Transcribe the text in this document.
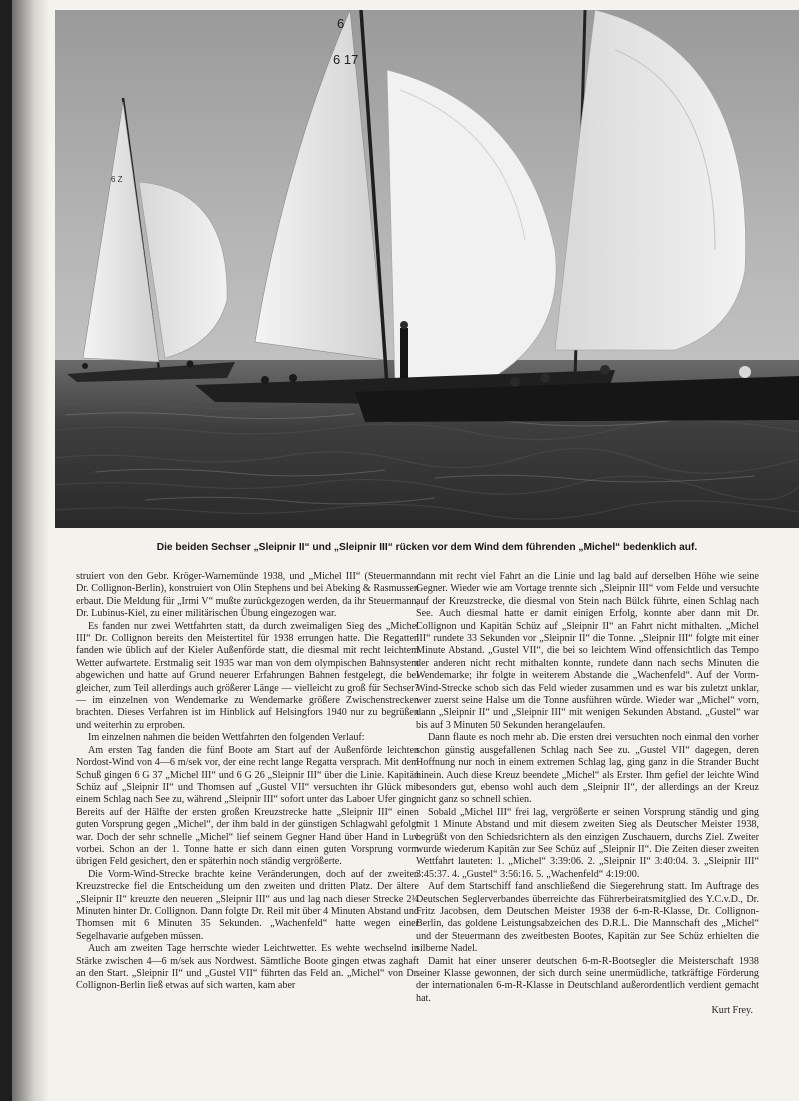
6 Z
6
6 17
Die beiden Sechser „Sleipnir II“ und „Sleipnir III“ rücken vor dem Wind dem führenden „Michel“ bedenklich auf.

struiert von den Gebr. Kröger-Warnemünde 1938, und „Michel III“ (Steuermann: Dr. Collignon-Berlin), konstruiert von Olin Stephens und bei Abeking & Rasmussen erbaut. Die Meldung für „Irmi V“ mußte zurückgezogen werden, da ihr Steuermann, Dr. Lubinus-Kiel, zu einer militärischen Übung eingezogen war.

Es fanden nur zwei Wettfahrten statt, da durch zweimaligen Sieg des „Michel III“ Dr. Collignon bereits den Meistertitel für 1938 errungen hatte. Die Regatten fanden wie üblich auf der Kieler Außenförde statt, die diesmal mit recht leichtem Wetter aufwartete. Erstmalig seit 1935 war man von dem olympischen Bahnsystem abgewichen und hatte auf Grund neuerer Erfahrungen Bahnen festgelegt, die bei gleicher, zum Teil allerdings auch größerer Länge — vielleicht zu groß für Sechser? — im einzelnen von Wendemarke zu Wendemarke größere Zwischenstrecken brachten. Dieses Verfahren ist im Hinblick auf Helsingfors 1940 nur zu begrüßen und weiterhin zu erproben.

Im einzelnen nahmen die beiden Wettfahrten den folgenden Verlauf:

Am ersten Tag fanden die fünf Boote am Start auf der Außenförde leichten Nordost-Wind von 4—6 m/sek vor, der eine recht lange Regatta versprach. Mit dem Schuß gingen 6 G 37 „Michel III“ und 6 G 26 „Sleipnir III“ über die Linie. Kapitän Schüz auf „Sleipnir II“ und Thomsen auf „Gustel VII“ versuchten ihr Glück mit einem Schlag nach See zu, während „Sleipnir III“ sofort unter das Laboer Ufer ging. Bereits auf der Hälfte der ersten großen Kreuzstrecke hatte „Sleipnir III“ einen guten Vorsprung gegen „Michel“, der ihm bald in der günstigen Schlagwahl gefolgt war. Doch der sehr schnelle „Michel“ lief seinem Gegner Hand über Hand in Luv vorbei. Schon an der 1. Tonne hatte er sich dann einen guten Vorsprung vorm übrigen Feld gesichert, den er späterhin noch ständig vergrößerte.

Die Vorm-Wind-Strecke brachte keine Veränderungen, doch auf der zweiten Kreuzstrecke fiel die Entscheidung um den zweiten und dritten Platz. Der ältere „Sleipnir II“ kreuzte den neueren „Sleipnir III“ aus und lag nach dieser Strecke 2¾ Minuten hinter Dr. Collignon. Dann folgte Dr. Reil mit über 4 Minuten Abstand und Thomsen mit 6 Minuten 35 Sekunden. „Wachenfeld“ hatte wegen einer Segelhavarie aufgeben müssen.

Auch am zweiten Tage herrschte wieder Leichtwetter. Es wehte wechselnd in Stärke zwischen 4—6 m/sek aus Nordwest. Sämtliche Boote gingen etwas zaghaft an den Start. „Sleipnir II“ und „Gustel VII“ führten das Feld an. „Michel“ von Dr. Collignon-Berlin ließ etwas auf sich warten, kam aber

dann mit recht viel Fahrt an die Linie und lag bald auf derselben Höhe wie seine Gegner. Wieder wie am Vortage trennte sich „Sleipnir III“ vom Felde und versuchte auf der Kreuzstrecke, die diesmal von Stein nach Bülck führte, einen Schlag nach See. Auch diesmal hatte er damit einigen Erfolg, konnte aber dann mit Dr. Collignon und Kapitän Schüz auf „Sleipnir II“ an Fahrt nicht mithalten. „Michel III“ rundete 33 Sekunden vor „Sleipnir II“ die Tonne. „Sleipnir III“ folgte mit einer Minute Abstand. „Gustel VII“, die bei so leichtem Wind offensichtlich das Tempo der anderen nicht recht mithalten konnte, rundete dann nach sechs Minuten die Wendemarke; ihr folgte in weiterem Abstande die „Wachenfeld“. Auf der Vorm-Wind-Strecke schob sich das Feld wieder zusammen und es war bis zuletzt unklar, wer zuerst seine Halse um die Tonne ausführen würde. Wieder war „Michel“ vorn, dann „Sleipnir II“ und „Sleipnir III“ mit wenigen Sekunden Abstand. „Gustel“ war bis auf 3 Minuten 50 Sekunden herangelaufen.

Dann flaute es noch mehr ab. Die ersten drei versuchten noch einmal den vorher schon günstig ausgefallenen Schlag nach See zu. „Gustel VII“ dagegen, deren Hoffnung nur noch in einem extremen Schlag lag, ging ganz in die Strander Bucht hinein. Auch diese Kreuz beendete „Michel“ als Erster. Ihm gefiel der leichte Wind besonders gut, ebenso wohl auch dem „Sleipnir II“, der allerdings an der Kreuz nicht ganz so schnell schien.

Sobald „Michel III“ frei lag, vergrößerte er seinen Vorsprung ständig und ging mit 1 Minute Abstand und mit diesem zweiten Sieg als Deutscher Meister 1938, begrüßt von den Schiedsrichtern als den einzigen Zuschauern, durchs Ziel. Zweiter wurde wiederum Kapitän zur See Schüz auf „Sleipnir II“. Die Zeiten dieser zweiten Wettfahrt lauteten: 1. „Michel“ 3:39:06. 2. „Sleipnir II“ 3:40:04. 3. „Sleipnir III“ 3:45:37. 4. „Gustel“ 3:56:16. 5. „Wachenfeld“ 4:19:00.

Auf dem Startschiff fand anschließend die Siegerehrung statt. Im Auftrage des Deutschen Seglerverbandes überreichte das Führerbeiratsmitglied des Y.C.v.D., Dr. Fritz Jacobsen, dem Deutschen Meister 1938 der 6-m-R-Klasse, Dr. Collignon-Berlin, das goldene Leistungsabzeichen des D.R.L. Die Mannschaft des „Michel“ und der Steuermann des zweitbesten Bootes, Kapitän zur See Schüz erhielten die silberne Nadel.

Damit hat einer unserer deutschen 6-m-R-Bootsegler die Meisterschaft 1938 seiner Klasse gewonnen, der sich durch seine unermüdliche, tatkräftige Förderung der internationalen 6-m-R-Klasse in Deutschland außerordentlich verdient gemacht hat.

Kurt Frey.
